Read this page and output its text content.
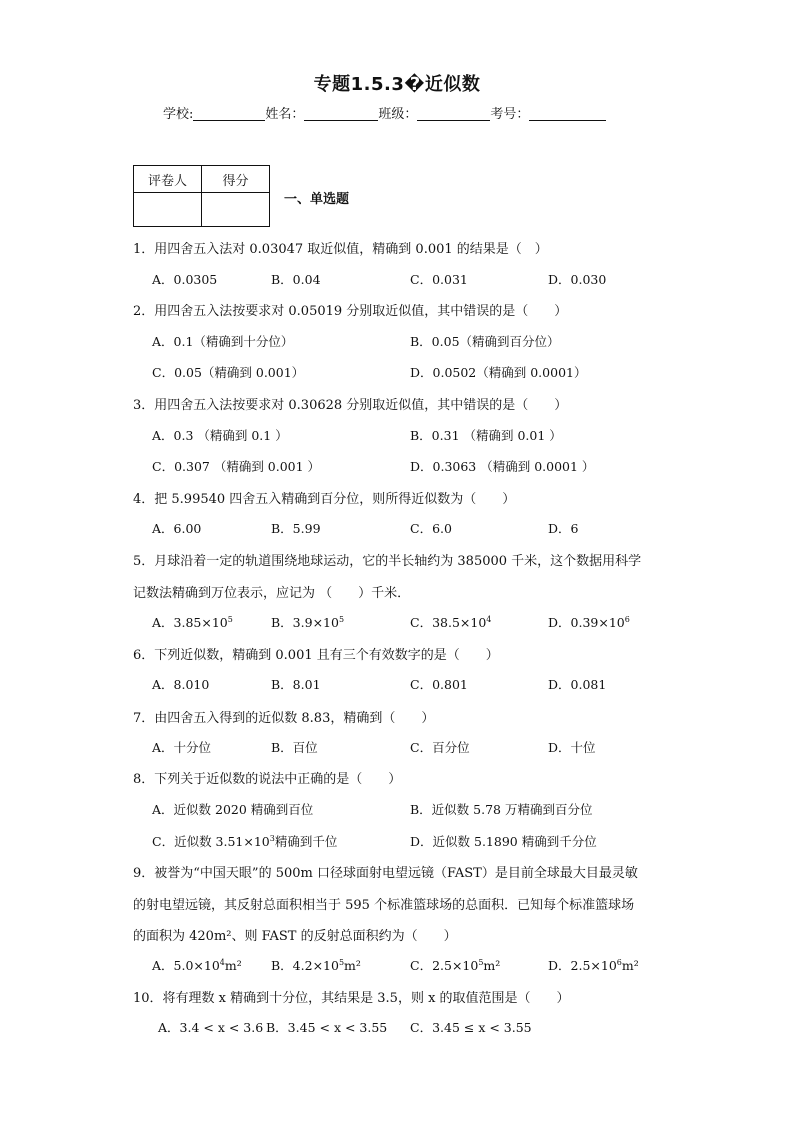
专题1.5.3�近似数
学校:	姓名：	班级：	考号：
评卷人	得分

一、单选题
1．用四舍五入法对 0.03047 取近似值，精确到 0.001 的结果是（　）
A．0.0305	B．0.04	C．0.031	D．0.030
2．用四舍五入法按要求对 0.05019 分别取近似值，其中错误的是（　　）
A．0.1（精确到十分位）	B．0.05（精确到百分位）
C．0.05（精确到 0.001）	D．0.0502（精确到 0.0001）
3．用四舍五入法按要求对 0.30628 分别取近似值，其中错误的是（　　）
A．0.3 （精确到 0.1 ）	B．0.31 （精确到 0.01 ）
C．0.307 （精确到 0.001 ）	D．0.3063 （精确到 0.0001 ）
4．把 5.99540 四舍五入精确到百分位，则所得近似数为（　　）
A．6.00	B．5.99	C．6.0	D．6
5．月球沿着一定的轨道围绕地球运动，它的半长轴约为 385000 千米，这个数据用科学
记数法精确到万位表示，应记为 （　　）千米．
A．$3.85\times 10^5$	B．$3.9\times 10^5$	C．$38.5\times 10^4$	D．$0.39\times 10^6$
6．下列近似数，精确到 0.001 且有三个有效数字的是（　　）
A．8.010	B．8.01	C．0.801	D．0.081
7．由四舍五入得到的近似数 8.83，精确到（　　）
A．十分位	B．百位	C．百分位	D．十位
8．下列关于近似数的说法中正确的是（　　）
A．近似数 2020 精确到百位	B．近似数 5.78 万精确到百分位
C．近似数 $3.51\times 10^3$精确到千位	D．近似数 5.1890 精确到千分位
9．被誉为“中国天眼”的 500m 口径球面射电望远镜（FAST）是目前全球最大目最灵敏
的射电望远镜，其反射总面积相当于 595 个标准篮球场的总面积．已知每个标准篮球场
的面积为 420m²、则 FAST 的反射总面积约为（　　）
A．$5.0\times 10^4m^2$ B．$4.2\times 10^5m^2$	C．$2.5\times 10^5m^2$	D．$2.5\times 10^6m^2$
10．将有理数 x 精确到十分位，其结果是 3.5，则 x 的取值范围是（　　）
A．3.4 < x < 3.6 B．3.45 < x < 3.55 C．3.45 ≤ x < 3.55
